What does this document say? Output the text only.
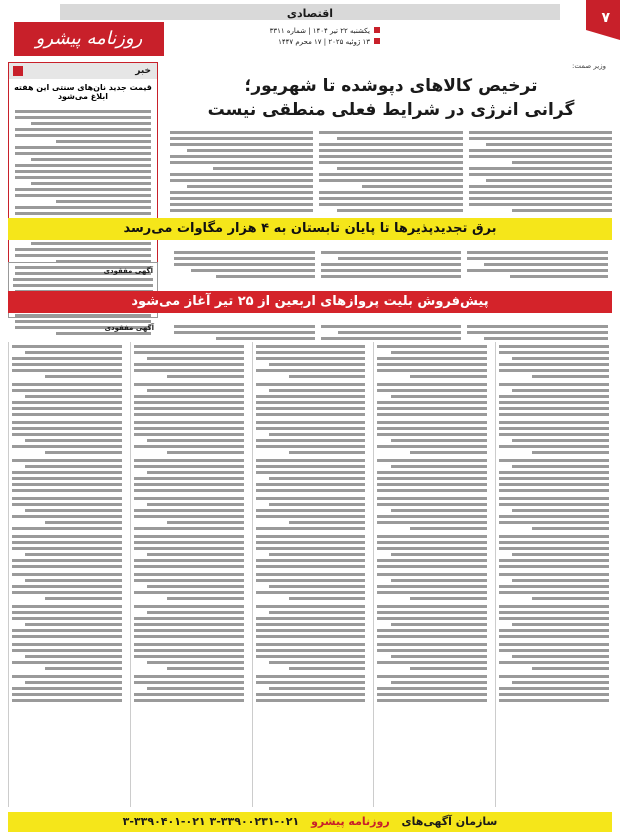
اقتصادی	۷
روزنامه پیشرو	یکشنبه ۲۲ تیر ۱۴۰۴ | شماره ۳۳۱۱
۱۳ ژوئیه ۲۰۲۵ | ۱۷ محرم ۱۴۴۷
خبر
قیمت جدید نان‌های سنتی این هفته ابلاغ می‌شود
وزیر صمت:
ترخیص کالاهای دپوشده تا شهریور؛
گرانی انرژی در شرایط فعلی منطقی نیست
برق تجدیدپذیرها تا پایان تابستان به ۴ هزار مگاوات می‌رسد
آگهی مفقودی
پیش‌فروش بلیت پروازهای اربعین از ۲۵ تیر آغاز می‌شود
آگهی مفقودی
سازمان آگهی‌های روزنامه پیشرو ۰۲۱-۳۳۹۰۰۲۳۱-۳ ۰۲۱-۳۳۹۰۴۰۱-۳
